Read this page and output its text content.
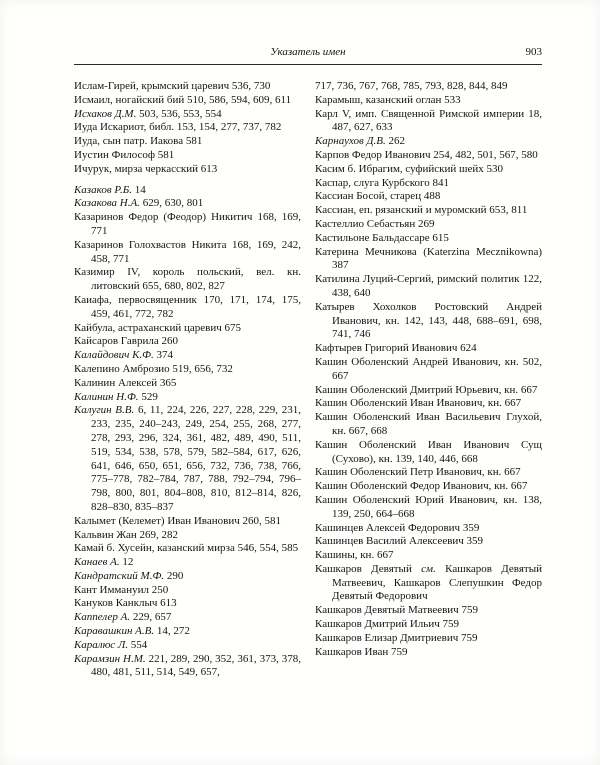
Указатель имен	903
Ислам-Гирей, крымский царевич 536, 730
Исмаил, ногайский бий 510, 586, 594, 609, 611
Исхаков Д.М. 503, 536, 553, 554
Иуда Искариот, библ. 153, 154, 277, 737, 782
Иуда, сын патр. Иакова 581
Иустин Философ 581
Ичурук, мирза черкасский 613
Казаков Р.Б. 14
Казакова Н.А. 629, 630, 801
Казаринов Федор (Феодор) Никитич 168, 169, 771
Казаринов Голохвастов Никита 168, 169, 242, 458, 771
Казимир IV, король польский, вел. кн. литовский 655, 680, 802, 827
Каиафа, первосвященник 170, 171, 174, 175, 459, 461, 772, 782
Кайбула, астраханский царевич 675
Кайсаров Гаврила 260
Калайдович К.Ф. 374
Калепино Амброзио 519, 656, 732
Калинин Алексей 365
Калинин Н.Ф. 529
Калугин В.В. 6, 11, 224, 226, 227, 228, 229, 231, 233, 235, 240–243, 249, 254, 255, 268, 277, 278, 293, 296, 324, 361, 482, 489, 490, 511, 519, 534, 538, 578, 579, 582–584, 617, 626, 641, 646, 650, 651, 656, 732, 736, 738, 766, 775–778, 782–784, 787, 788, 792–794, 796–798, 800, 801, 804–808, 810, 812–814, 826, 828–830, 835–837
Калымет (Келемет) Иван Иванович 260, 581
Кальвин Жан 269, 282
Камай б. Хусейн, казанский мирза 546, 554, 585
Канаев А. 12
Кандратский М.Ф. 290
Кант Иммануил 250
Кануков Канклыч 613
Каппелер А. 229, 657
Каравашкин А.В. 14, 272
Каралюс Л. 554
Карамзин Н.М. 221, 289, 290, 352, 361, 373, 378, 480, 481, 511, 514, 549, 657,
717, 736, 767, 768, 785, 793, 828, 844, 849
Карамыш, казанский оглан 533
Карл V, имп. Священной Римской империи 18, 487, 627, 633
Карнаухов Д.В. 262
Карпов Федор Иванович 254, 482, 501, 567, 580
Касим б. Ибрагим, суфийский шейх 530
Каспар, слуга Курбского 841
Кассиан Босой, старец 488
Кассиан, еп. рязанский и муромский 653, 811
Кастеллио Себастьян 269
Кастильоне Бальдассаре 615
Катерина Мечникова (Katerzina Mecznikowna) 387
Катилина Луций-Сергий, римский политик 122, 438, 640
Катырев Хохолков Ростовский Андрей Иванович, кн. 142, 143, 448, 688–691, 698, 741, 746
Кафтырев Григорий Иванович 624
Кашин Оболенский Андрей Иванович, кн. 502, 667
Кашин Оболенский Дмитрий Юрьевич, кн. 667
Кашин Оболенский Иван Иванович, кн. 667
Кашин Оболенский Иван Васильевич Глухой, кн. 667, 668
Кашин Оболенский Иван Иванович Сущ (Сухово), кн. 139, 140, 446, 668
Кашин Оболенский Петр Иванович, кн. 667
Кашин Оболенский Федор Иванович, кн. 667
Кашин Оболенский Юрий Иванович, кн. 138, 139, 250, 664–668
Кашинцев Алексей Федорович 359
Кашинцев Василий Алексеевич 359
Кашины, кн. 667
Кашкаров Девятый см. Кашкаров Девятый Матвеевич, Кашкаров Слепушкин Федор Девятый Федорович
Кашкаров Девятый Матвеевич 759
Кашкаров Дмитрий Ильич 759
Кашкаров Елизар Дмитриевич 759
Кашкаров Иван 759
